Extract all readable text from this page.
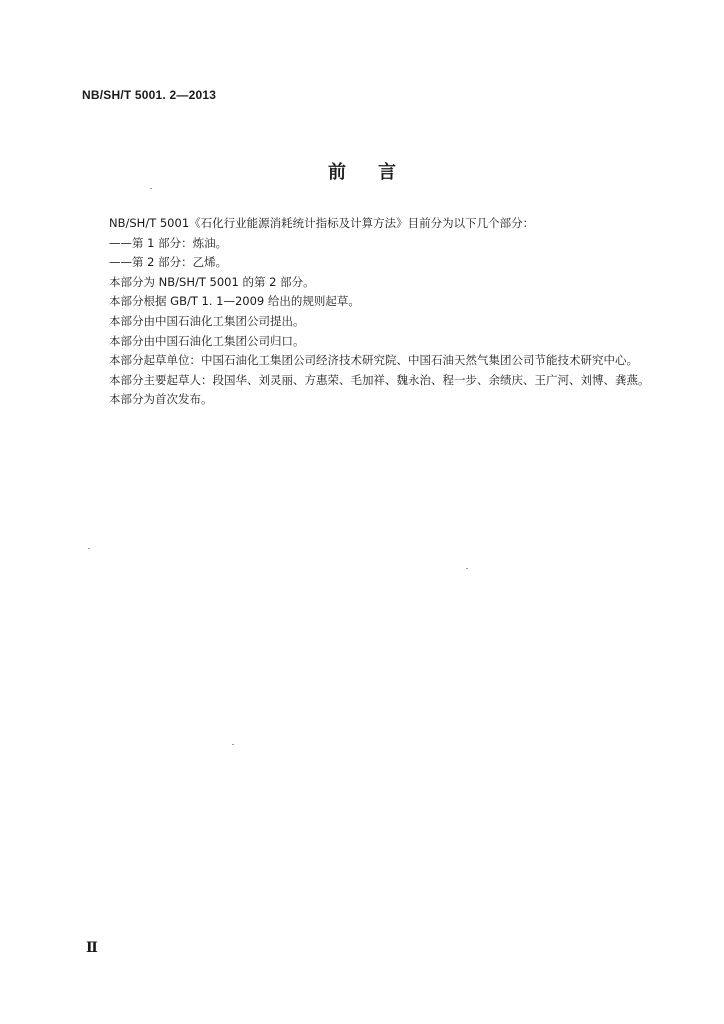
NB/SH/T 5001. 2—2013
前言

NB/SH/T 5001《石化行业能源消耗统计指标及计算方法》目前分为以下几个部分：

——第 1 部分：炼油。

——第 2 部分：乙烯。

本部分为 NB/SH/T 5001 的第 2 部分。

本部分根据 GB/T 1. 1—2009 给出的规则起草。

本部分由中国石油化工集团公司提出。

本部分由中国石油化工集团公司归口。

本部分起草单位：中国石油化工集团公司经济技术研究院、中国石油天然气集团公司节能技术研究中心。

本部分主要起草人：段国华、刘灵丽、方惠荣、毛加祥、魏永治、程一步、余绩庆、王广河、刘博、龚燕。

本部分为首次发布。

Ⅱ
